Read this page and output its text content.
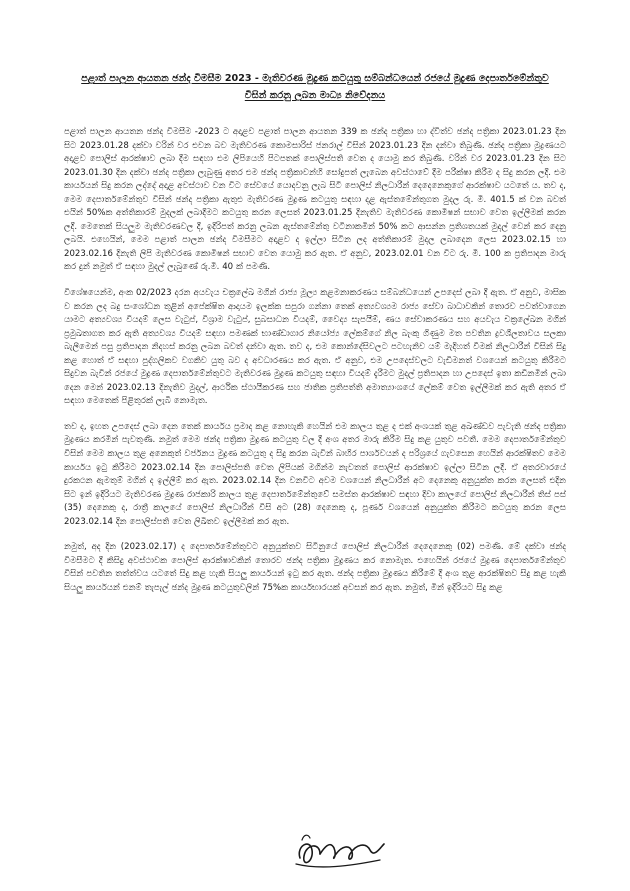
පළාත් පාලන ආයතන ඡන්ද විමසීම 2023 - මැතිවරණ මුද්‍රණ කටයුතු සම්බන්ධයෙන් රජයේ මුද්‍රණ දෙපාර්තමේන්තුව විසින් කරනු ලබන මාධ්‍ය නිවේදනය

පළාත් පාලන ආයතන ඡන්ද විමසීම -2023 ට අදාළව පළාත් පාලන ආයතන 339 ක ඡන්ද පත්‍රිකා හා ද්විත්ව ඡන්ද පත්‍රිකා 2023.01.23 දින සිට 2023.01.28 දක්වා වරින් වර එවන බව මැතිවරණ කොමසාරිස් ජනරාල් විසින් 2023.01.23 දින දන්වා තිබුණි. ඡන්ද පත්‍රිකා මුද්‍රණයට අදාළව පොලිස් ආරක්ෂාව ලබා දීම සඳහා එම ලිපියෙහි පිටපතක් පොලිස්පති වෙත ද යොමු කර තිබුණි. වරින් වර 2023.01.23 දින සිට 2023.01.30 දින දක්වා ඡන්ද පත්‍රිකා ලැබුණු අතර එම ඡන්ද පත්‍රිකාවන්හි සෝදුපත් ලැබෙන අවස්ථාවේ දීම පරීක්ෂා කිරීම ද සිදු කරන ලදී. එම කාර්යයන් සිදු කරන ලද්දේ අදාළ අවස්ථාව වන විට සේවයේ යොදවනු ලැබ සිටි පොලිස් නිලධාරීන් දෙදෙනෙකුගේ ආරක්ෂාව යටතේ ය. තව ද, මෙම දෙපාර්තමේන්තුව විසින් ඡන්ද පත්‍රිකා ඇතුළු මැතිවරණ මුද්‍රණ කටයුතු සඳහා දළ ඇස්තමේන්තුගත මුදල රු. මි. 401.5 ක් වන බවත් එයින් 50%ක අත්තිකාරම් මුදලක් ලබාදීමට කටයුතු කරන ලෙසත් 2023.01.25 දිනැතිව මැතිවරණ කොමිෂන් සභාව වෙත ඉල්ලීමක් කරන ලදී. මෙතෙක් සියලුම මැතිවරණවල දී, ඉදිරිපත් කරනු ලබන ඇස්තමේන්තු වටිනාකමින් 50% කට ආසන්න ප්‍රතිශතයක් මුදල් වෙන් කර දෙනු ලබයි. එහෙයින්, මෙම පළාත් පාලන ඡන්ද විමසීමට අදාළව ද ඉල්ලා සිටින ලද අත්තිකාරම් මුදල ලබාදෙන ලෙස 2023.02.15 හා 2023.02.16 දිනැති ලිපි මැතිවරණ කොමිෂන් සභාව වෙත යොමු කර ඇත. ඒ අනුව, 2023.02.01 වන විට රු. මි. 100 ක ප්‍රතිපාදන මාරු කර දුන් නමුත් ඒ සඳහා මුදල් ලැබුණේ රු.මි. 40 ක් පමණි.

විශේෂයෙන්ම, අංක 02/2023 දරන අයවැය චක්‍රලේඛ මගින් රාජ්‍ය මූල්‍ය කළමනාකරණය සම්බන්ධයෙන් උපදෙස් ලබා දී ඇත. ඒ අනුව, මාසික ව කරන ලද බදු සංශෝධන තුළින් අපේක්ෂිත ආදායම ඉලක්ක සපුරා ගන්නා තෙක් අත්‍යවශ්‍යම රාජ්‍ය සේවා බාධාවකින් තොරව පවත්වාගෙන යාමට අත්‍යවශ්‍ය වියදම් ලෙස වැටුප්, විශ්‍රාම වැටුප්, සුබසාධන වියදම්, වෛද්‍ය සැපයීම්, ණය සේවාකරණය සහ අයවැය චක්‍රලේඛන මගින් ප්‍රමුඛතාගත කර ඇති අත්‍යවශ්‍ය වියදම් සඳහා පමණක් භාණ්ඩාගාර නියෝජ්‍ය ලේකම්ගේ නිල බැංකු ගිණුම මත පවතින ද්‍රවශීලතාවය සලකා බැලීමෙන් පසු ප්‍රතිපාදන නිදහස් කරනු ලබන බවත් දන්වා ඇත. තව ද, එම කොන්දේසිවලට පටහැනිව යම් මැදිහත් වීමක් නිලධාරීන් විසින් සිදු කළ හොත් ඒ සඳහා පුද්ගලිකව වගකිව යුතු බව ද අවධාරණය කර ඇත. ඒ අනුව, එම උපදෙස්වලට වැඩිමනත් වශයෙන් කටයුතු කිරීමට සිදුවන බැවින් රජයේ මුද්‍රණ දෙපාර්තමේන්තුවට මැතිවරණ මුද්‍රණ කටයුතු සඳහා වියදම් දැරීමට මුදල් ප්‍රතිපාදන හා උපදෙස් ඉතා කඩිනමින් ලබා දෙන මෙන් 2023.02.13 දිනැතිව මුදල්, ආර්ථික ස්ථායීකරණ සහ ජාතික ප්‍රතිපත්ති අමාත්‍යාංශයේ ලේකම් වෙත ඉල්ලීමක් කර ඇති අතර ඒ සඳහා මෙතෙක් පිළිතුරක් ලැබී නොමැත.

තව ද, ඉහත උපදෙස් ලබා දෙන තෙක් කාර්යය ප්‍රමාද කළ නොහැකි හෙයින් එම කාලය තුළ ද එක් අංශයක් තුළ අඛණ්ඩව පැවැති ඡන්ද පත්‍රිකා මුද්‍රණය කරමින් පැවතුණි. නමුත් මෙම ඡන්ද පත්‍රිකා මුද්‍රණ කටයුතු වල දී අංශ අතර මාරු කිරීම සිදු කළ යුතුව පවතී. මෙම දෙපාර්තමේන්තුව විසින් මෙම කාලය තුළ අනෙකුත් වර්ජනය මුද්‍රණ කටයුතු ද සිදු කරන බැවින් බාහිර පාර්ශවයන් ද පරිශ්‍රයේ ගැවසෙන හෙයින් ආරක්ෂිතව මෙම කාර්යය ඉටු කිරීමට 2023.02.14 දින පොලිස්පති වෙත ලිපියක් මගින්ම නැවතත් පොලිස් ආරක්ෂාව ඉල්ලා සිටින ලදී. ඒ අතරවාරයේ දුරකථන ඇමතුම් මගින් ද ඉල්ලීම් කර ඇත. 2023.02.14 දින වනවිට අවම වශයෙන් නිලධාරීන් අට දෙනෙකු අනුයුක්ත කරන ලෙසත් එදින සිට ඉන් ඉදිරියට මැතිවරණ මුද්‍රණ රාජකාරි කාලය තුළ දෙපාර්තමේන්තුවේ සමස්ත ආරක්ෂාව සඳහා දිවා කාලයේ පොලිස් නිලධාරීන් තිස් පස් (35) දෙනෙකු ද, රාත්‍රී කාලයේ පොලිස් නිලධාරීන් විසි අට (28) දෙනෙකු ද, පූර්ණ වශයෙන් අනුයුක්ත කිරීමට කටයුතු කරන ලෙස 2023.02.14 දින පොලිස්පති වෙත ලිඛිතව ඉල්ලීමක් කර ඇත.

නමුත්, අද දින (2023.02.17) ද දෙපාර්තමේන්තුවට අනුයුක්තව සිටිනුයේ පොලිස් නිලධාරීන් දෙදෙනෙකු (02) පමණි. මේ දක්වා ඡන්ද විමසීමට දී කිසිදු අවස්ථාවක පොලිස් ආරක්ෂාවකින් තොරව ඡන්ද පත්‍රිකා මුද්‍රණය කර නොමැත. එහෙයින් රජයේ මුද්‍රණ දෙපාර්තමේන්තුව විසින් පවතින තත්ත්වය යටතේ සිදු කළ හැකි සියලු කාර්යයන් ඉටු කර ඇත. ඡන්ද පත්‍රිකා මුද්‍රණය කිරීමේ දී අංශ තුළ ආරක්ෂිතව සිදු කළ හැකි සියලු කාර්යයන් එනම් තැපැල් ඡන්ද මුද්‍රණ කටයුතුවලින් 75%ක කාර්යභාරයක් අවසන් කර ඇත. නමුත්, මින් ඉදිරියට සිදු කළ
